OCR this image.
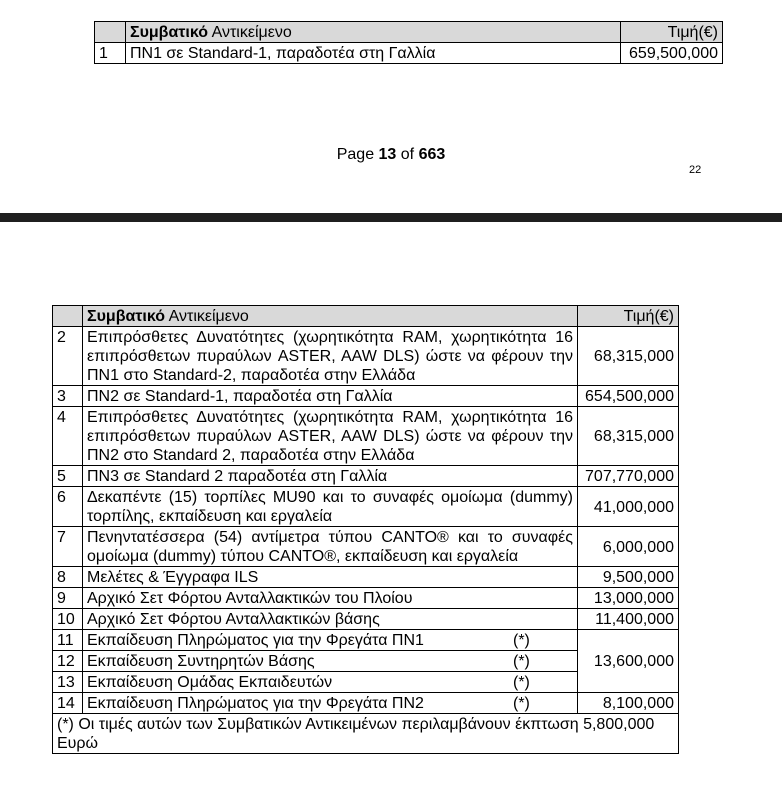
	Συμβατικό Αντικείμενο	Τιμή(€)
1	ΠΝ1 σε Standard-1, παραδοτέα στη Γαλλία	659,500,000
Page 13 of 663
22
	Συμβατικό Αντικείμενο	Τιμή(€)
2	Επιπρόσθετες Δυνατότητες (χωρητικότητα RAM, χωρητικότητα 16 επιπρόσθετων πυραύλων ASTER, AAW DLS) ώστε να φέρουν την ΠΝ1 στο Standard-2, παραδοτέα στην Ελλάδα	68,315,000
3	ΠΝ2 σε Standard-1, παραδοτέα στη Γαλλία	654,500,000
4	Επιπρόσθετες Δυνατότητες (χωρητικότητα RAM, χωρητικότητα 16 επιπρόσθετων πυραύλων ASTER, AAW DLS) ώστε να φέρουν την ΠΝ2 στο Standard 2, παραδοτέα στην Ελλάδα	68,315,000
5	ΠΝ3 σε Standard 2 παραδοτέα στη Γαλλία	707,770,000
6	Δεκαπέντε (15) τορπίλες MU90 και το συναφές ομοίωμα (dummy) τορπίλης, εκπαίδευση και εργαλεία	41,000,000
7	Πενηντατέσσερα (54) αντίμετρα τύπου CANTO® και το συναφές ομοίωμα (dummy) τύπου CANTO®, εκπαίδευση και εργαλεία	6,000,000
8	Μελέτες & Έγγραφα ILS	9,500,000
9	Αρχικό Σετ Φόρτου Ανταλλακτικών του Πλοίου	13,000,000
10	Αρχικό Σετ Φόρτου Ανταλλακτικών βάσης	11,400,000
11	Εκπαίδευση Πληρώματος για την Φρεγάτα ΠΝ1 (*)	13,600,000
12	Εκπαίδευση Συντηρητών Βάσης (*)	

13	Εκπαίδευση Ομάδας Εκπαιδευτών (*)	

14	Εκπαίδευση Πληρώματος για την Φρεγάτα ΠΝ2 (*)	8,100,000
(*) Οι τιμές αυτών των Συμβατικών Αντικειμένων περιλαμβάνουν έκπτωση 5,800,000 Ευρώ		
